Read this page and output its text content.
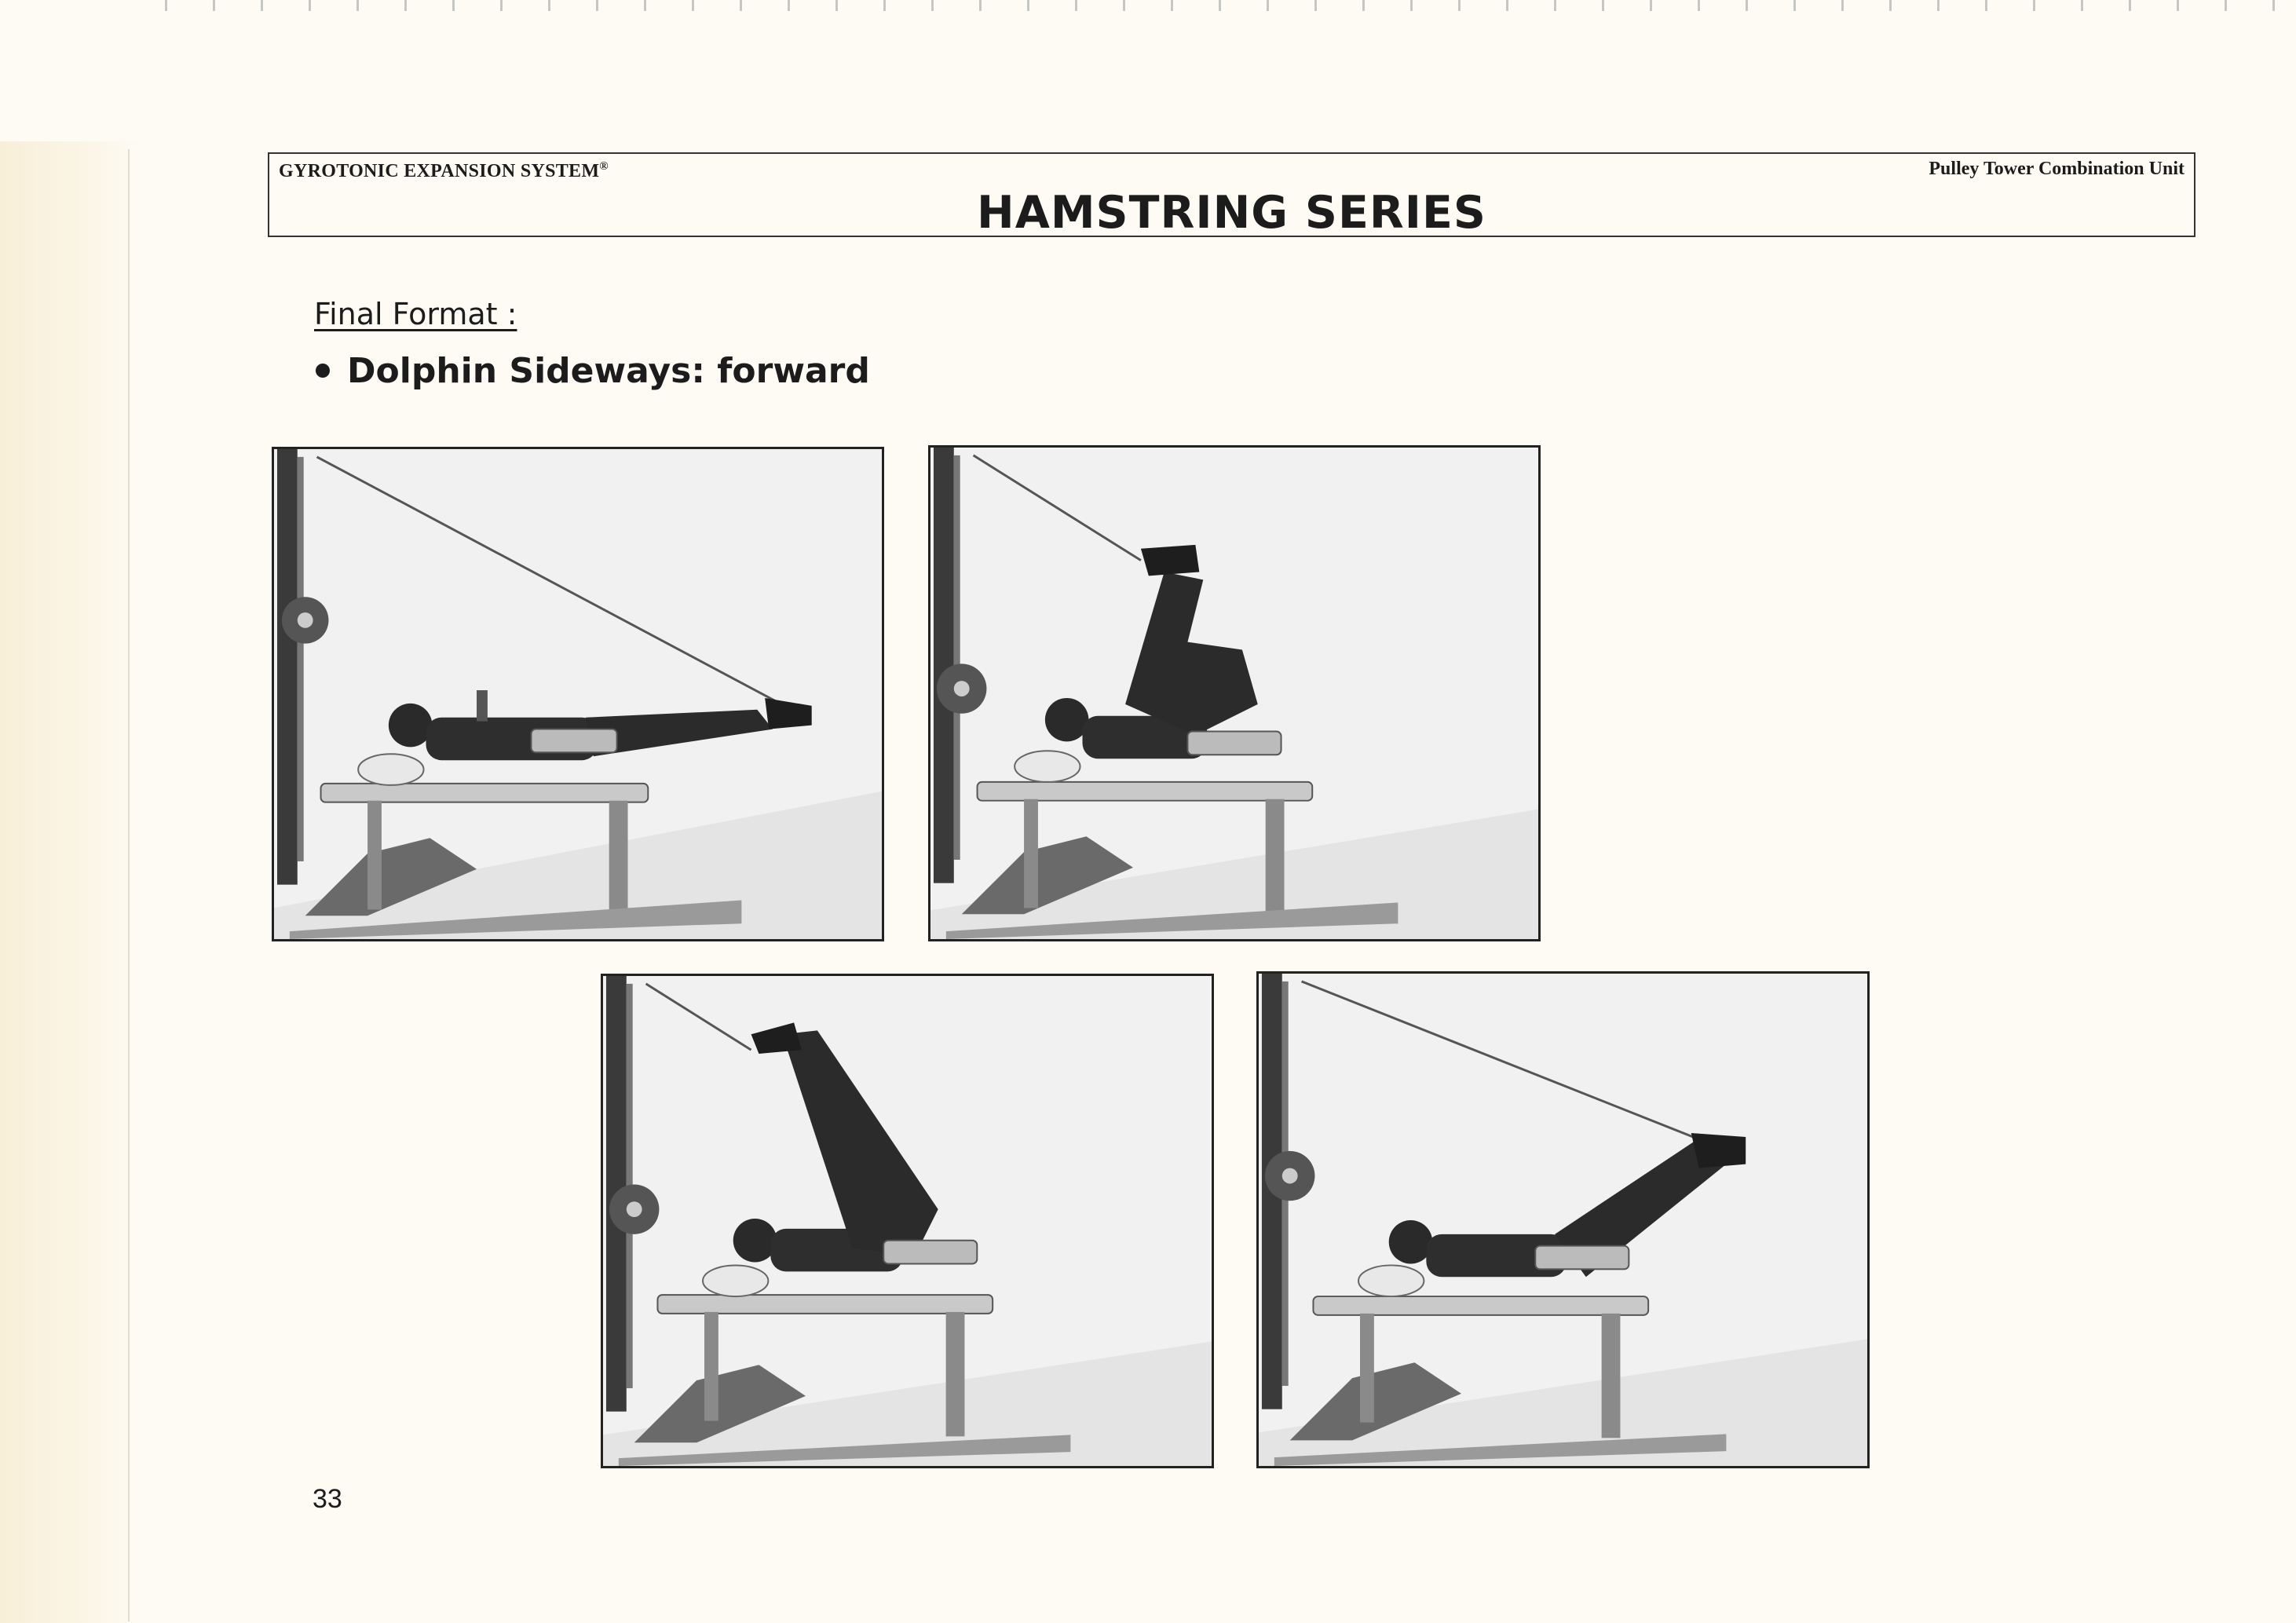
GYROTONIC EXPANSION SYSTEM®	Pulley Tower Combination Unit

HAMSTRING SERIES

Final Format :

Dolphin Sideways: forward

33
